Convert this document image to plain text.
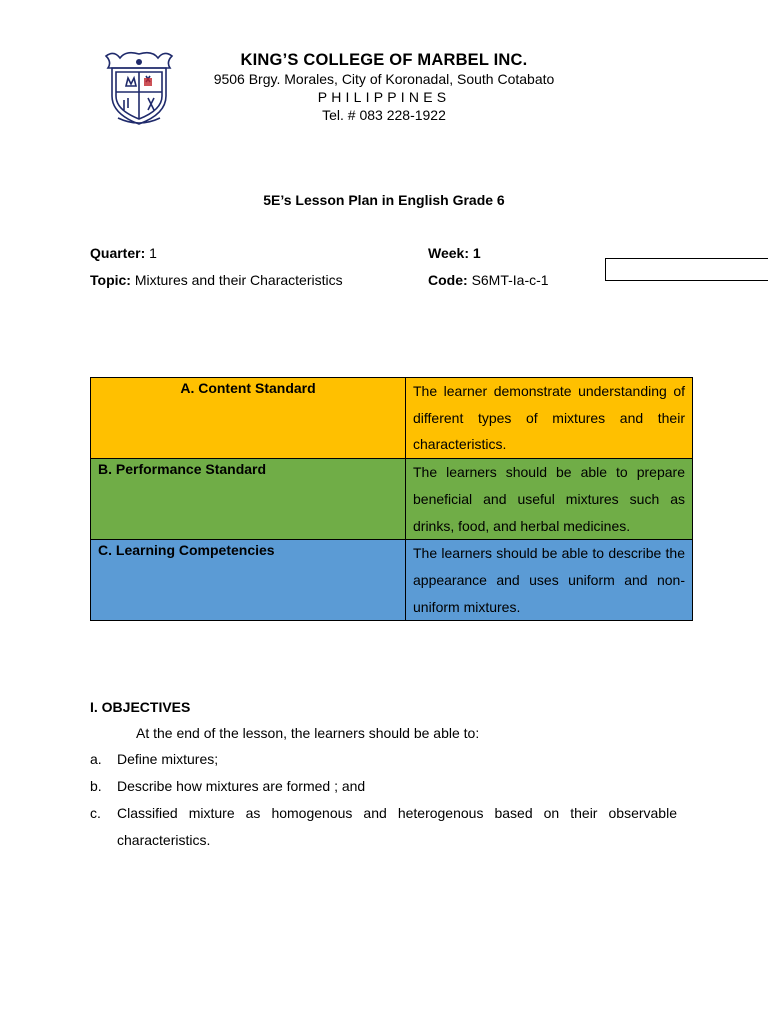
KING’S COLLEGE OF MARBEL INC.
9506 Brgy. Morales, City of Koronadal, South Cotabato
PHILIPPINES
Tel. # 083 228-1922
5E’s Lesson Plan in English Grade 6
Quarter: 1	Week: 1
Topic: Mixtures and their Characteristics	Code: S6MT-Ia-c-1
A. Content Standard	The learner demonstrate understanding of different types of mixtures and their characteristics.
B. Performance Standard	The learners should be able to prepare beneficial and useful mixtures such as drinks, food, and herbal medicines.
C. Learning Competencies	The learners should be able to describe the appearance and uses uniform and non-uniform mixtures.
I. OBJECTIVES
At the end of the lesson, the learners should be able to:
a. Define mixtures;
b. Describe how mixtures are formed ; and
c. Classified mixture as homogenous and heterogenous based on their observable characteristics.
